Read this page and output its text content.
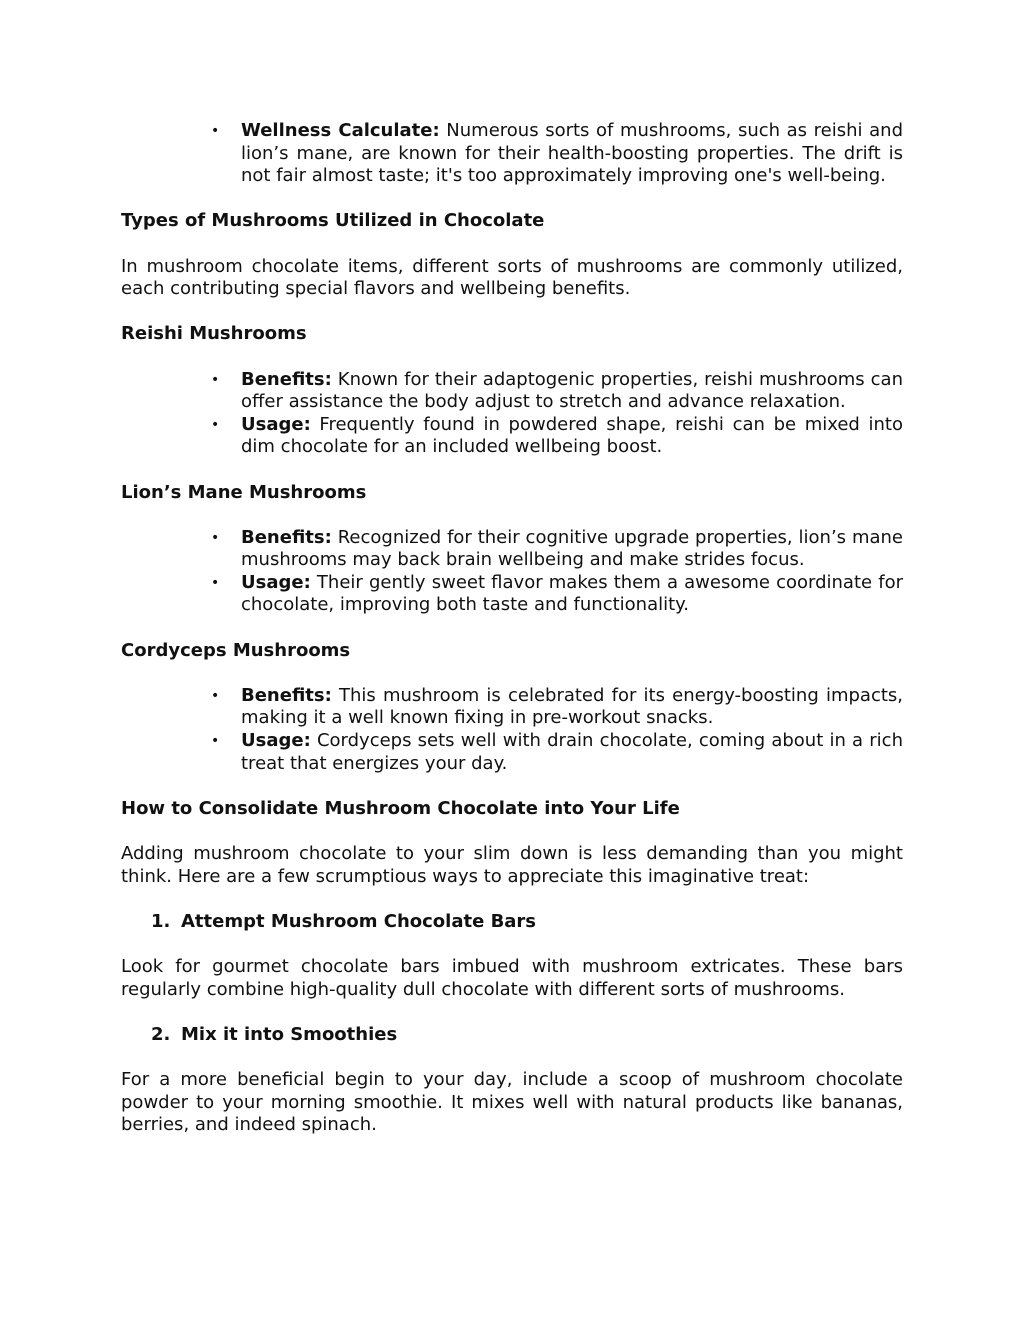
• Wellness Calculate: Numerous sorts of mushrooms, such as reishi and lion’s mane, are known for their health-boosting properties. The drift is not fair almost taste; it's too approximately improving one's well-being.

Types of Mushrooms Utilized in Chocolate

In mushroom chocolate items, different sorts of mushrooms are commonly utilized, each contributing special flavors and wellbeing benefits.

Reishi Mushrooms

• Benefits: Known for their adaptogenic properties, reishi mushrooms can offer assistance the body adjust to stretch and advance relaxation.
• Usage: Frequently found in powdered shape, reishi can be mixed into dim chocolate for an included wellbeing boost.

Lion’s Mane Mushrooms

• Benefits: Recognized for their cognitive upgrade properties, lion’s mane mushrooms may back brain wellbeing and make strides focus.
• Usage: Their gently sweet flavor makes them a awesome coordinate for chocolate, improving both taste and functionality.

Cordyceps Mushrooms

• Benefits: This mushroom is celebrated for its energy-boosting impacts, making it a well known fixing in pre-workout snacks.
• Usage: Cordyceps sets well with drain chocolate, coming about in a rich treat that energizes your day.

How to Consolidate Mushroom Chocolate into Your Life

Adding mushroom chocolate to your slim down is less demanding than you might think. Here are a few scrumptious ways to appreciate this imaginative treat:

1. Attempt Mushroom Chocolate Bars

Look for gourmet chocolate bars imbued with mushroom extricates. These bars regularly combine high-quality dull chocolate with different sorts of mushrooms.

2. Mix it into Smoothies

For a more beneficial begin to your day, include a scoop of mushroom chocolate powder to your morning smoothie. It mixes well with natural products like bananas, berries, and indeed spinach.
